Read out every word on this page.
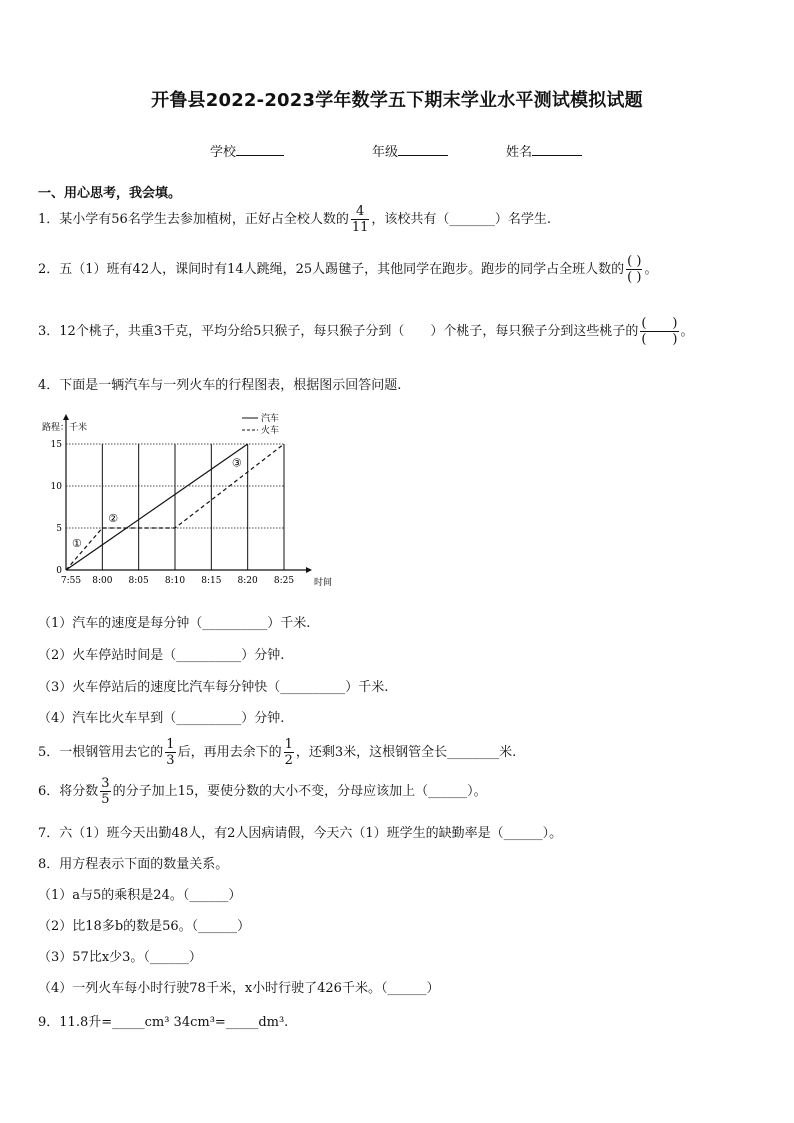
开鲁县2022-2023学年数学五下期末学业水平测试模拟试题
学校	年级	姓名
一、用心思考，我会填。
1．某小学有56名学生去参加植树，正好占全校人数的 $\frac{4}{11}$ ，该校共有（_______）名学生.
2．五（1）班有42人，课间时有14人跳绳，25人踢毽子，其他同学在跑步。跑步的同学占全班人数的 $\frac{( )}{( )}$ 。
3．12个桃子，共重3千克，平均分给5只猴子，每只猴子分到（　　）个桃子，每只猴子分到这些桃子的 $\frac{( )}{( )}$ 。
4．下面是一辆汽车与一列火车的行程图表，根据图示回答问题.
7:55 8:00 8:05 8:10 8:15 8:20 8:25
0
5
10
15
路程：千米
时间
①
②
③
汽车
火车
（1）汽车的速度是每分钟（__________）千米.
（2）火车停站时间是（__________）分钟.
（3）火车停站后的速度比汽车每分钟快（__________）千米.
（4）汽车比火车早到（__________）分钟.
5．一根钢管用去它的 $\frac{1}{3}$ 后，再用去余下的 $\frac{1}{2}$ ，还剩3米，这根钢管全长________米.
6．将分数 $\frac{3}{5}$ 的分子加上15，要使分数的大小不变，分母应该加上（______）。
7．六（1）班今天出勤48人，有2人因病请假，今天六（1）班学生的缺勤率是（______）。
8．用方程表示下面的数量关系。
（1）a与5的乘积是24。（______）
（2）比18多b的数是56。（______）
（3）57比x少3。（______）
（4）一列火车每小时行驶78千米，x小时行驶了426千米。（______）
9．11.8升=_____cm³ 34cm³=_____dm³.
